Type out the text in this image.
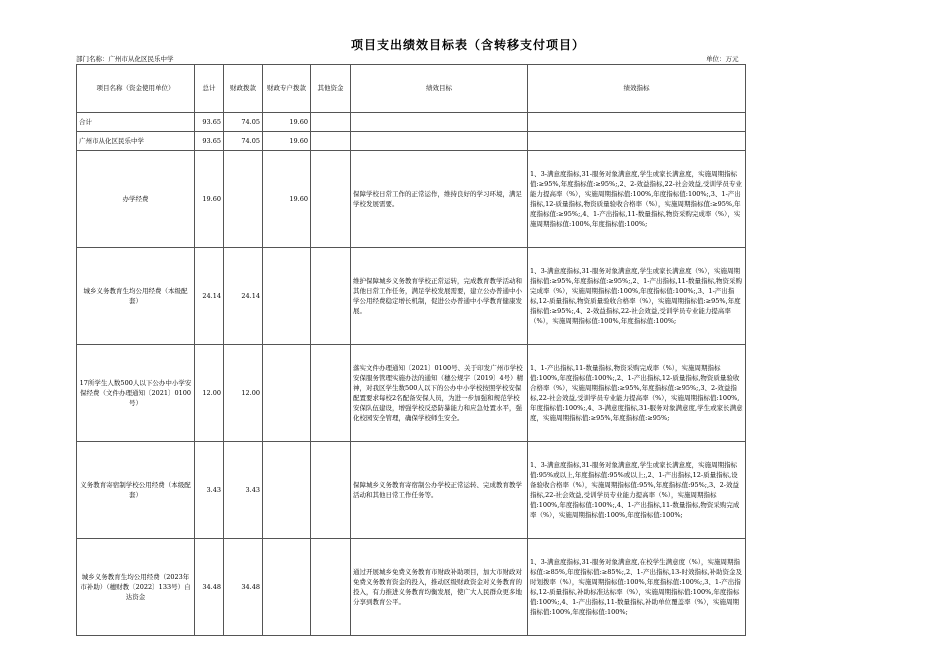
项目支出绩效目标表（含转移支付项目）
部门名称：广州市从化区民乐中学	单位：万元
项目名称（资金使用单位）	总计	财政拨款	财政专户拨款	其他资金	绩效目标	绩效指标
合计	93.65	74.05	19.60			
广州市从化区民乐中学	93.65	74.05	19.60			
办学经费	19.60		19.60		保障学校日常工作的正常运作，维持良好的学习环境，满足学校发展需要。	1、3-满意度指标,31-服务对象满意度,学生或家长满意度，实施周期指标值:≥95%,年度指标值:≥95%;,2、2-效益指标,22-社会效益,受训学员专业能力提高率（%），实施周期指标值:100%,年度指标值:100%;,3、1-产出指标,12-质量指标,物资质量验收合格率（%），实施周期指标值:≥95%,年度指标值:≥95%;,4、1-产出指标,11-数量指标,物资采购完成率（%），实施周期指标值:100%,年度指标值:100%;
城乡义务教育生均公用经费（本级配套）	24.14	24.14			维护保障城乡义务教育学校正常运转，完成教育教学活动和其他日常工作任务，满足学校发展需要，建立公办普通中小学公用经费稳定增长机制，促进公办普通中小学教育健康发展。	1、3-满意度指标,31-服务对象满意度,学生或家长满意度（%），实施周期指标值:≥95%,年度指标值:≥95%;,2、1-产出指标,11-数量指标,物资采购完成率（%），实施周期指标值:100%,年度指标值:100%;,3、1-产出指标,12-质量指标,物资质量验收合格率（%），实施周期指标值:≥95%,年度指标值:≥95%;,4、2-效益指标,22-社会效益,受训学员专业能力提高率（%），实施周期指标值:100%,年度指标值:100%;
17所学生人数500人以下公办中小学安保经费（文件办理通知〔2021〕0100号）	12.00	12.00			落实文件办理通知〔2021〕0100号、关于印发广州市学校安保服务管理实施办法的通知（穗公规字〔2019〕4号）精神，对我区学生数500人以下的公办中小学校按照学校安保配置要求每校2名配备安保人员，为进一步加强和规范学校安保队伍建设，增强学校反恐防暴能力和应急处置水平，强化校园安全管理，确保学校师生安全。	1、1-产出指标,11-数量指标,物资采购完成率（%），实施周期指标值:100%,年度指标值:100%;,2、1-产出指标,12-质量指标,物资质量验收合格率（%），实施周期指标值:≥95%,年度指标值:≥95%;,3、2-效益指标,22-社会效益,受训学员专业能力提高率（%），实施周期指标值:100%,年度指标值:100%;,4、3-满意度指标,31-服务对象满意度,学生或家长满意度，实施周期指标值:≥95%,年度指标值:≥95%;
义务教育寄宿制学校公用经费（本级配套）	3.43	3.43			保障城乡义务教育寄宿制公办学校正常运转、完成教育教学活动和其他日常工作任务等。	1、3-满意度指标,31-服务对象满意度,学生或家长满意度，实施周期指标值:95%或以上,年度指标值:95%或以上;,2、1-产出指标,12-质量指标,设备验收合格率（%），实施周期指标值:95%,年度指标值:95%;,3、2-效益指标,22-社会效益,受训学员专业能力提高率（%），实施周期指标值:100%,年度指标值:100%;,4、1-产出指标,11-数量指标,物资采购完成率（%），实施周期指标值:100%,年度指标值:100%;
城乡义务教育生均公用经费（2023年市补助）（穗财教〔2022〕133号）自达资金	34.48	34.48			通过开展城乡免费义务教育市财政补助项目，加大市财政对免费义务教育资金的投入，推动区级财政资金对义务教育的投入，有力推进义务教育均衡发展，使广大人民群众更多地分享到教育公平。	1、3-满意度指标,31-服务对象满意度,在校学生满意度（%），实施周期指标值:≥85%,年度指标值:≥85%;,2、1-产出指标,13-时效指标,补助资金及时划拨率（%），实施周期指标值:100%,年度指标值:100%;,3、1-产出指标,12-质量指标,补助标准达标率（%），实施周期指标值:100%,年度指标值:100%;,4、1-产出指标,11-数量指标,补助单位覆盖率（%），实施周期指标值:100%,年度指标值:100%;
